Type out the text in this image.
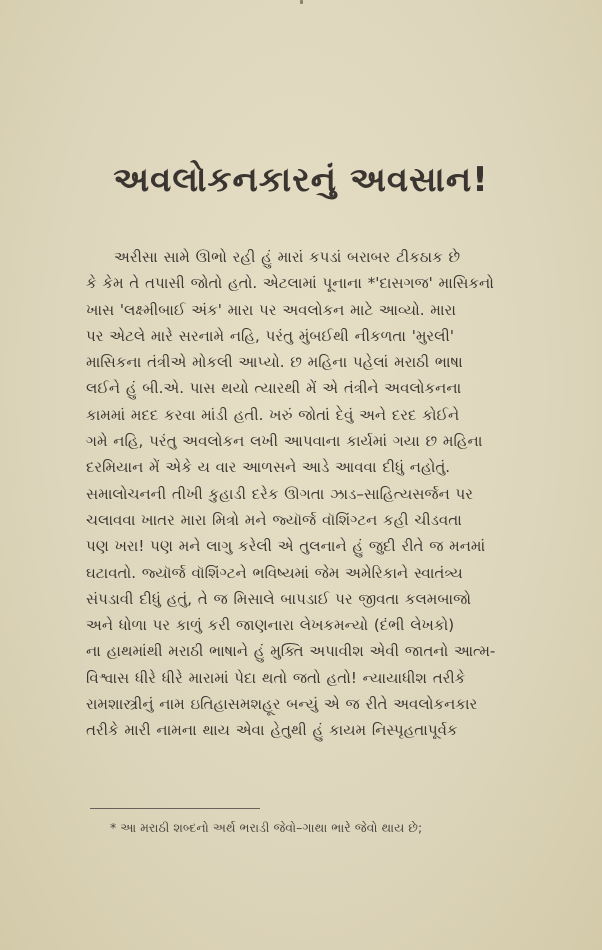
અવલોકનકારનું અવસાન!
અરીસા સામે ઊભો રહી હું મારાં કપડાં બરાબર ટીકઠાક છે
કે કેમ તે તપાસી જોતો હતો. એટલામાં પૂનાના *'દાસગજ' માસિકનો
ખાસ 'લક્ષ્મીબાઈ અંક' મારા પર અવલોકન માટે આવ્યો. મારા
પર એટલે મારે સરનામે નહિ, પરંતુ મુંબઈથી નીકળતા 'મુરલી'
માસિકના તંત્રીએ મોકલી આપ્યો. છ મહિના પહેલાં મરાઠી ભાષા
લઈને હું બી.એ. પાસ થયો ત્યારથી મેં એ તંત્રીને અવલોકનના
કામમાં મદદ કરવા માંડી હતી. ખરું જોતાં દેવું અને દરદ કોઈને
ગમે નહિ, પરંતુ અવલોકન લખી આપવાના કાર્યમાં ગયા છ મહિના
દરમિયાન મેં એકે ય વાર આળસને આડે આવવા દીધું નહોતું.
સમાલોચનની તીખી કુહાડી દરેક ઊગતા ઝાડ–સાહિત્યસર્જન પર
ચલાવવા ખાતર મારા મિત્રો મને જ્યૉર્જ વૉશિંગ્ટન કહી ચીડવતા
પણ ખરા! પણ મને લાગુ કરેલી એ તુલનાને હું જુદી રીતે જ મનમાં
ઘટાવતો. જ્યૉર્જ વૉશિંગ્ટને ભવિષ્યમાં જેમ અમેરિકાને સ્વાતંત્ર્ય
સંપડાવી દીધું હતું, તે જ મિસાલે બાપડાઈ પર જીવતા કલમબાજો
અને ધોળા પર કાળું કરી જાણનારા લેખકમન્યો (દંભી લેખકો)
ના હાથમાંથી મરાઠી ભાષાને હું મુક્તિ અપાવીશ એવી જાતનો આત્મ-
વિશ્વાસ ધીરે ધીરે મારામાં પેદા થતો જતો હતો! ન્યાયાધીશ તરીકે
રામશાસ્ત્રીનું નામ ઇતિહાસમશહૂર બન્યું એ જ રીતે અવલોકનકાર
તરીકે મારી નામના થાય એવા હેતુથી હું કાયમ નિસ્પૃહતાપૂર્વક
* આ મરાઠી શબ્દનો અર્થ ભરાડી જેવો–ગાથા ભારે જેવો થાય છે;
